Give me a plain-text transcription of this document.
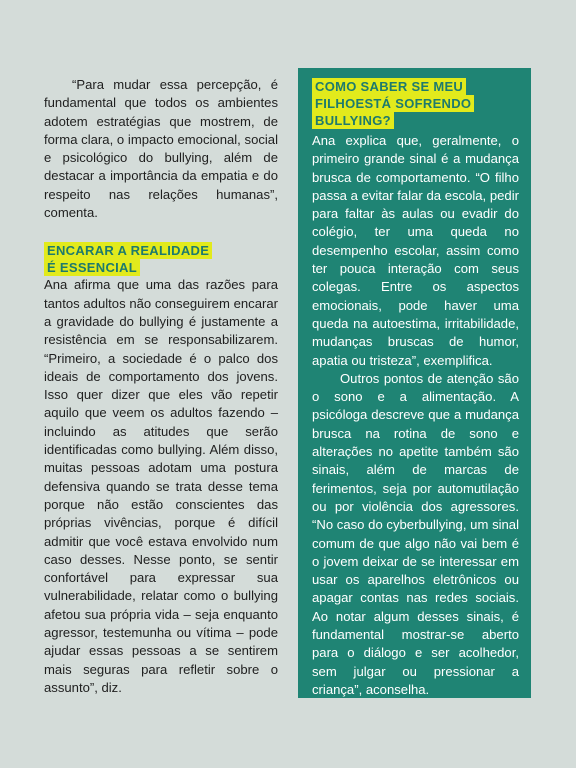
“Para mudar essa percepção, é fundamental que todos os ambientes adotem estratégias que mostrem, de forma clara, o impacto emocional, social e psicológico do bullying, além de destacar a importância da empatia e do respeito nas relações humanas”, comenta.

ENCARAR A REALIDADE
É ESSENCIAL

Ana afirma que uma das razões para tantos adultos não conseguirem encarar a gravidade do bullying é justamente a resistência em se responsabilizarem. “Primeiro, a sociedade é o palco dos ideais de comportamento dos jovens. Isso quer dizer que eles vão repetir aquilo que veem os adultos fazendo – incluindo as atitudes que serão identificadas como bullying. Além disso, muitas pessoas adotam uma postura defensiva quando se trata desse tema porque não estão conscientes das próprias vivências, porque é difícil admitir que você estava envolvido num caso desses. Nesse ponto, se sentir confortável para expressar sua vulnerabilidade, relatar como o bullying afetou sua própria vida – seja enquanto agressor, testemunha ou vítima – pode ajudar essas pessoas a se sentirem mais seguras para refletir sobre o assunto”, diz.

COMO SABER SE MEU
FILHOESTÁ SOFRENDO
BULLYING?

Ana explica que, geralmente, o primeiro grande sinal é a mudança brusca de comportamento. “O filho passa a evitar falar da escola, pedir para faltar às aulas ou evadir do colégio, ter uma queda no desempenho escolar, assim como ter pouca interação com seus colegas. Entre os aspectos emocionais, pode haver uma queda na autoestima, irritabilidade, mudanças bruscas de humor, apatia ou tristeza”, exemplifica.

Outros pontos de atenção são o sono e a alimentação. A psicóloga descreve que a mudança brusca na rotina de sono e alterações no apetite também são sinais, além de marcas de ferimentos, seja por automutilação ou por violência dos agressores. “No caso do cyberbullying, um sinal comum de que algo não vai bem é o jovem deixar de se interessar em usar os aparelhos eletrônicos ou apagar contas nas redes sociais. Ao notar algum desses sinais, é fundamental mostrar-se aberto para o diálogo e ser acolhedor, sem julgar ou pressionar a criança”, aconselha.
